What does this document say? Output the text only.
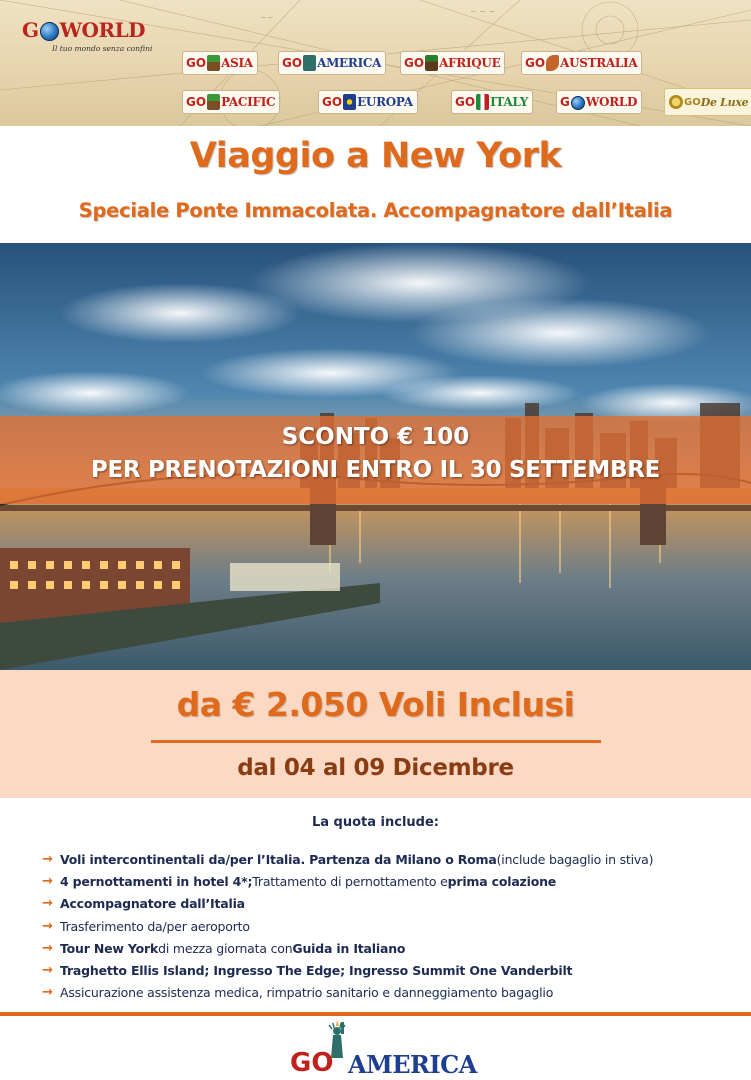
~ ~ ~
~~
G WORLD
Il tuo mondo senza confini
GO ASIA GO AMERICA GO AFRIQUE GO AUSTRALIA
GO PACIFIC	GO EUROPA	GO ITALY	G WORLD	GO De Luxe
Viaggio a New York
Speciale Ponte Immacolata. Accompagnatore dall’Italia
SCONTO € 100
PER PRENOTAZIONI ENTRO IL 30 SETTEMBRE
da € 2.050 Voli Inclusi
dal 04 al 09 Dicembre
La quota include:
→ Voli intercontinentali da/per l’Italia. Partenza da Milano o Roma (include bagaglio in stiva)
→ 4 pernottamenti in hotel 4*; Trattamento di pernottamento e prima colazione
→ Accompagnatore dall’Italia
→ Trasferimento da/per aeroporto
→ Tour New York di mezza giornata con Guida in Italiano
→ Traghetto Ellis Island; Ingresso The Edge; Ingresso Summit One Vanderbilt
→ Assicurazione assistenza medica, rimpatrio sanitario e danneggiamento bagaglio
GO AMERICA
